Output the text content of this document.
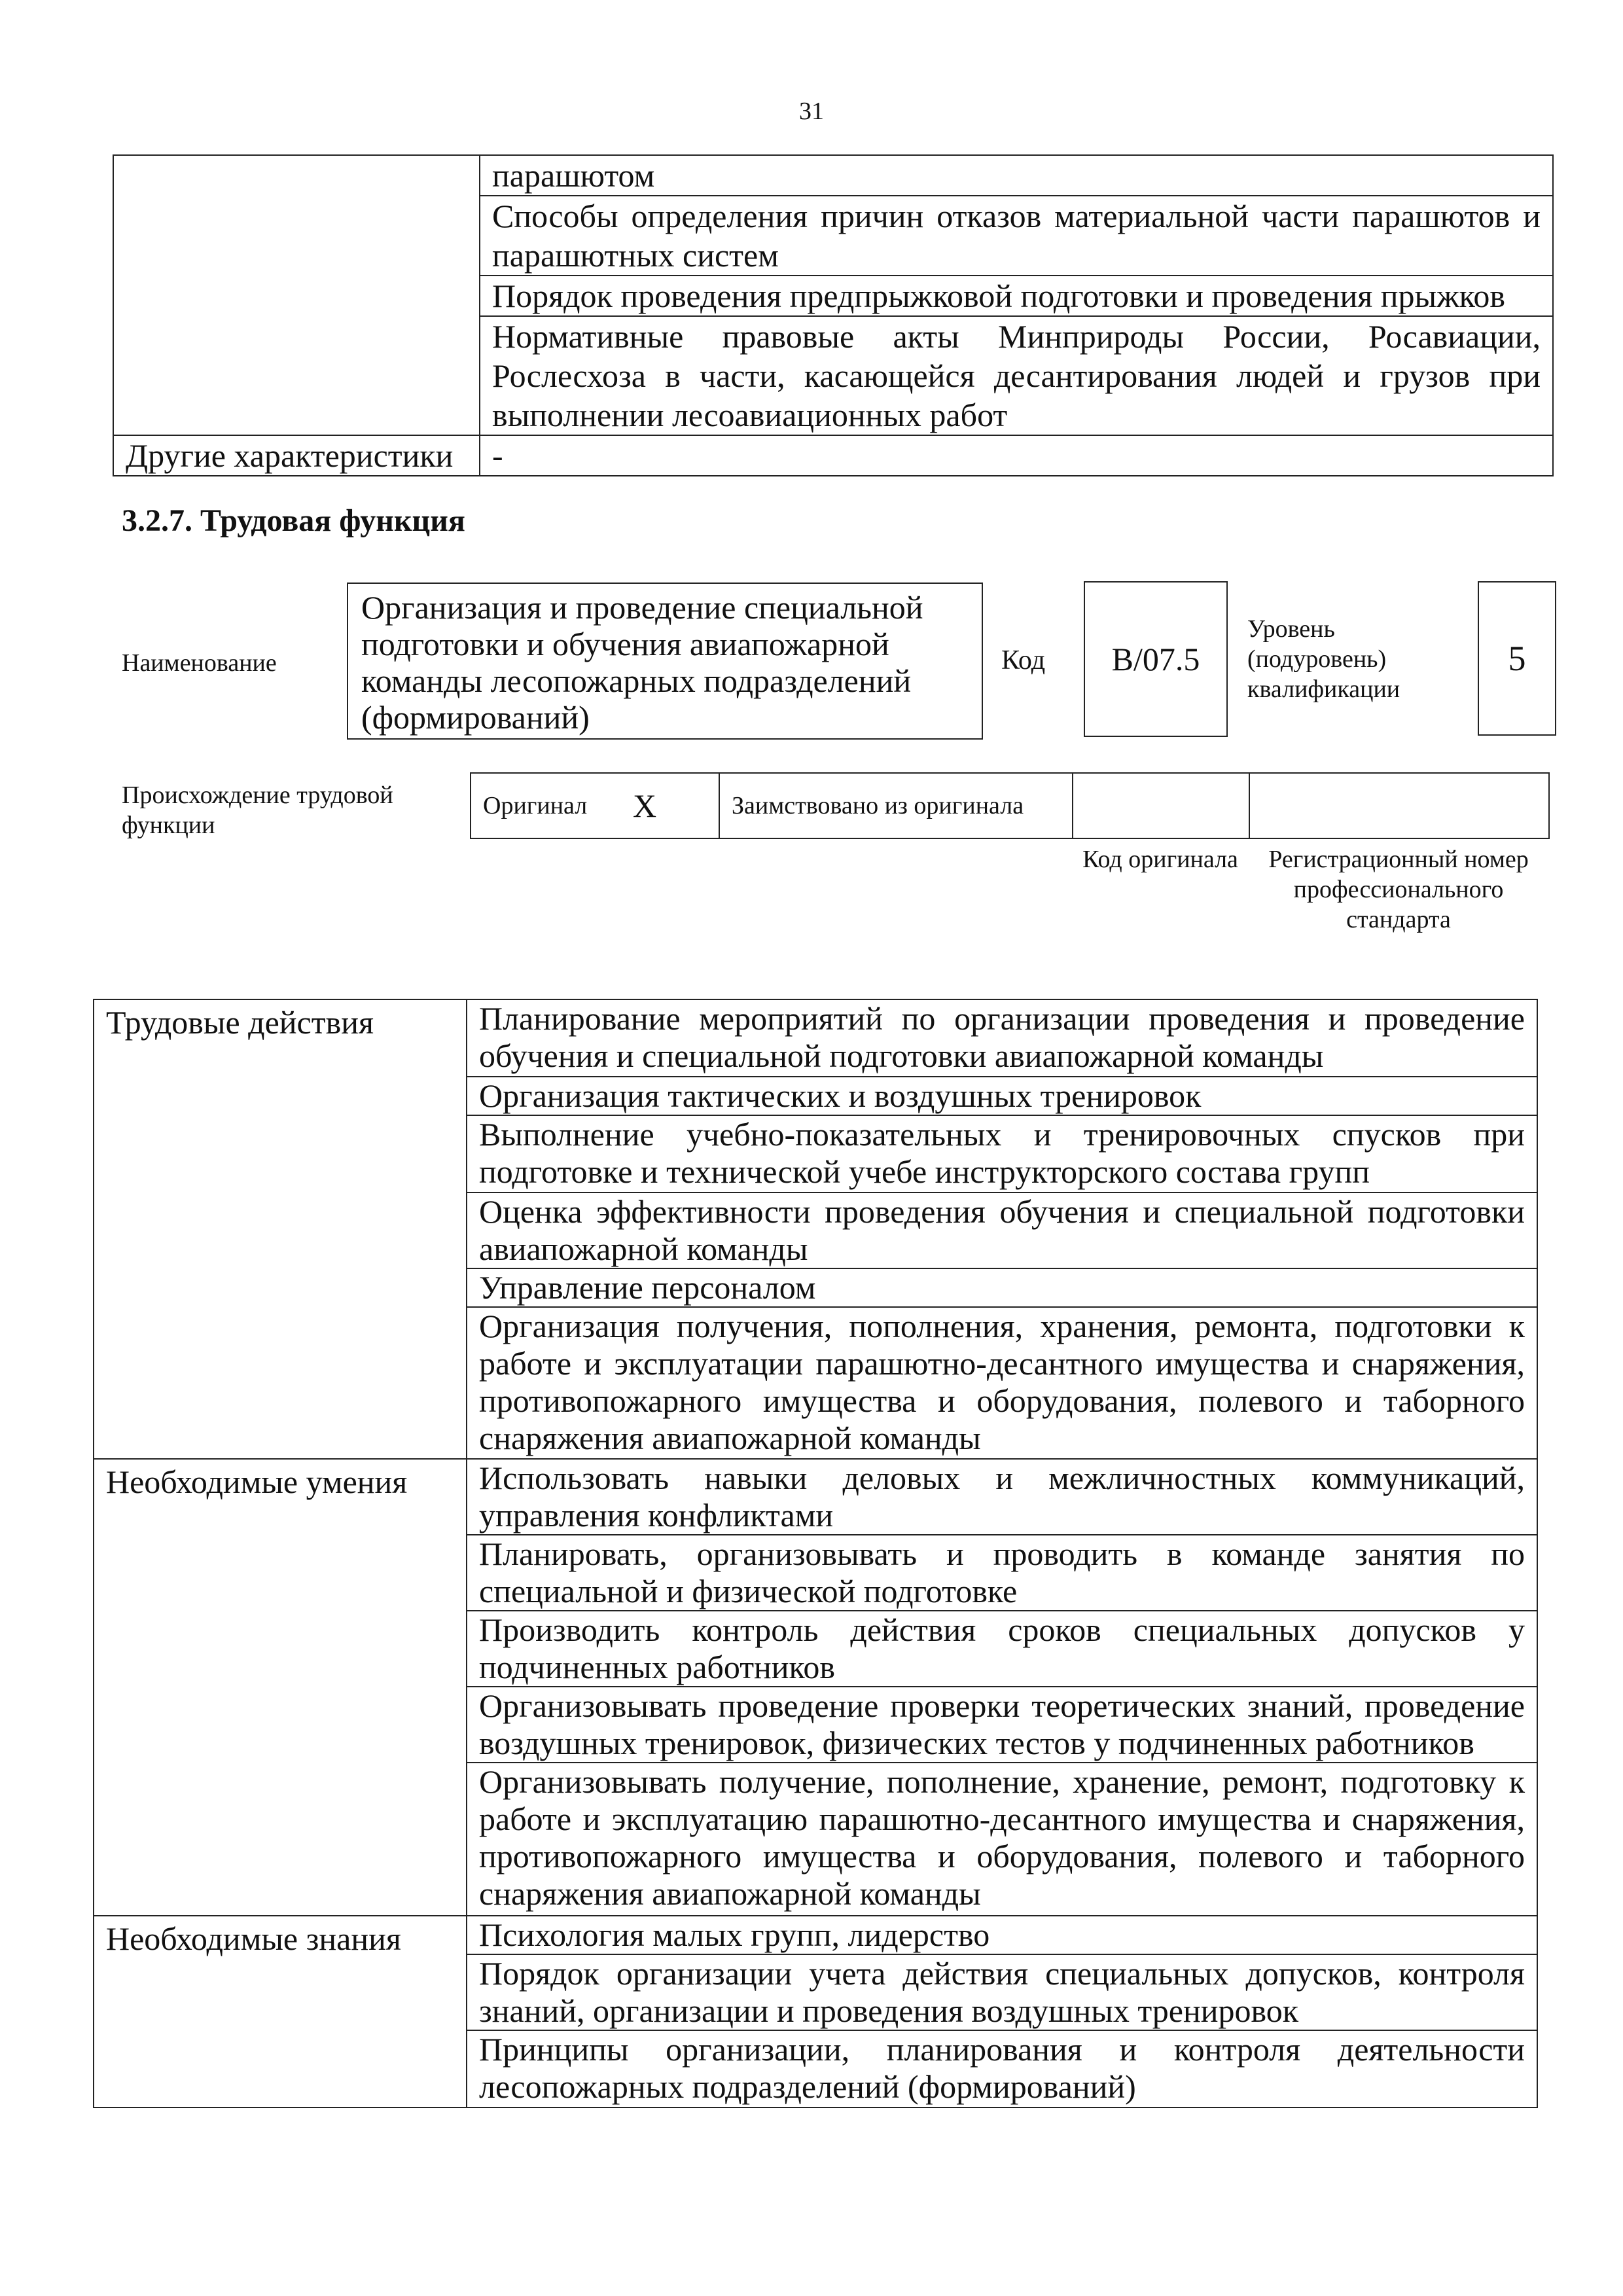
31
	парашютом
	Способы определения причин отказов материальной части парашютов и парашютных систем
	Порядок проведения предпрыжковой подготовки и проведения прыжков
	Нормативные правовые акты Минприроды России, Росавиации, Рослесхоза в части, касающейся десантирования людей и грузов при выполнении лесоавиационных работ
Другие характеристики	-
3.2.7. Трудовая функция
Наименование
Организация и проведение специальной подготовки и обучения авиапожарной команды лесопожарных подразделений (формирований)
Код	В/07.5
Уровень (подуровень) квалификации
5
Происхождение трудовой функции
Оригинал	X	Заимствовано из оригинала		
Код оригинала	Регистрационный номер профессионального стандарта
Трудовые действия	Планирование мероприятий по организации проведения и проведение обучения и специальной подготовки авиапожарной команды
	Организация тактических и воздушных тренировок
	Выполнение учебно-показательных и тренировочных спусков при подготовке и технической учебе инструкторского состава групп
	Оценка эффективности проведения обучения и специальной подготовки авиапожарной команды
	Управление персоналом
	Организация получения, пополнения, хранения, ремонта, подготовки к работе и эксплуатации парашютно-десантного имущества и снаряжения, противопожарного имущества и оборудования, полевого и таборного снаряжения авиапожарной команды
Необходимые умения	Использовать навыки деловых и межличностных коммуникаций, управления конфликтами
	Планировать, организовывать и проводить в команде занятия по специальной и физической подготовке
	Производить контроль действия сроков специальных допусков у подчиненных работников
	Организовывать проведение проверки теоретических знаний, проведение воздушных тренировок, физических тестов у подчиненных работников
	Организовывать получение, пополнение, хранение, ремонт, подготовку к работе и эксплуатацию парашютно-десантного имущества и снаряжения, противопожарного имущества и оборудования, полевого и таборного снаряжения авиапожарной команды
Необходимые знания	Психология малых групп, лидерство
	Порядок организации учета действия специальных допусков, контроля знаний, организации и проведения воздушных тренировок
	Принципы организации, планирования и контроля деятельности лесопожарных подразделений (формирований)
